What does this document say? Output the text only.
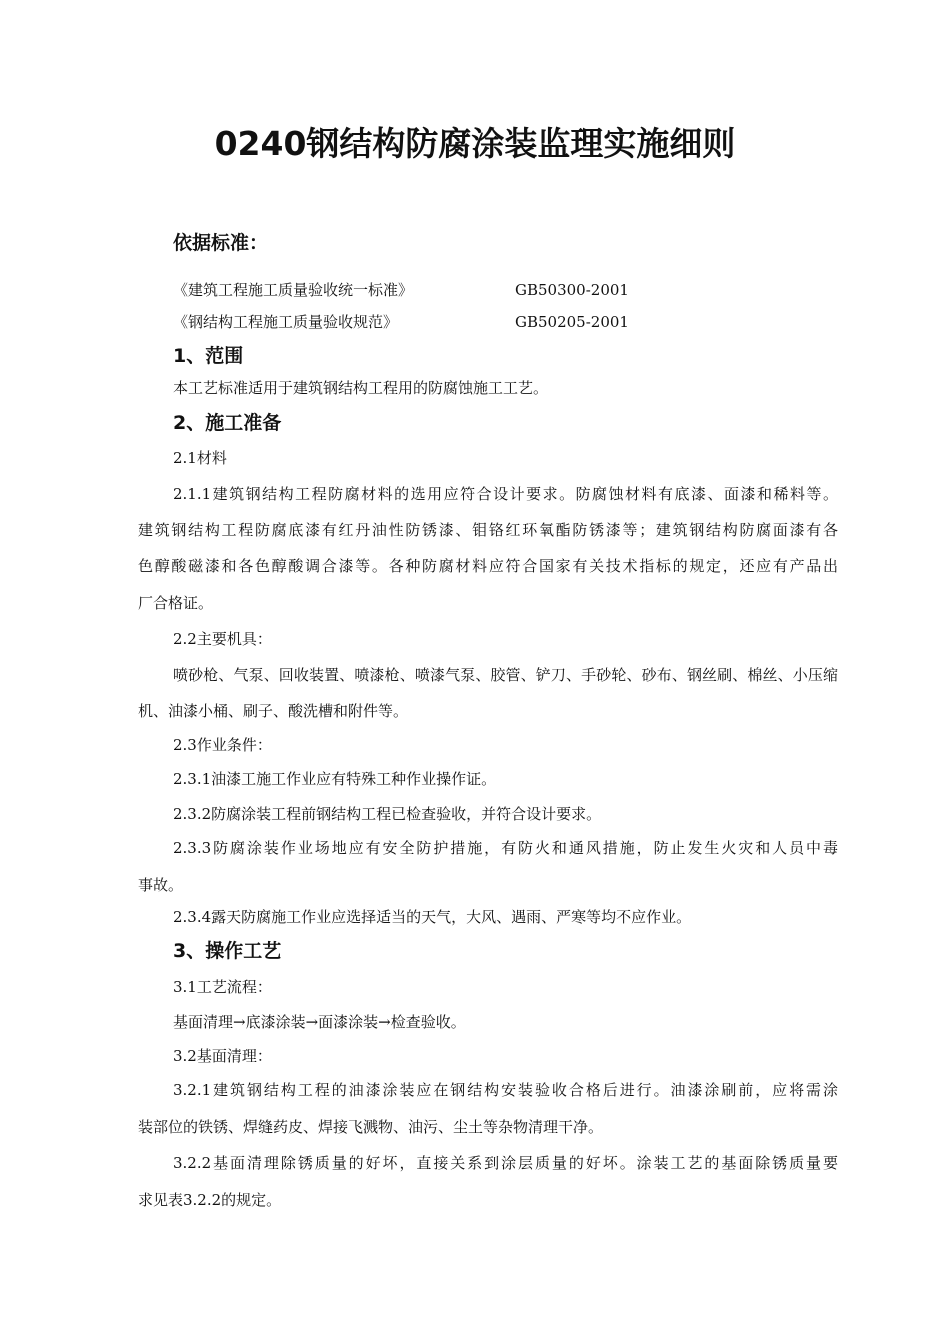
0240钢结构防腐涂装监理实施细则
依据标准：
《建筑工程施工质量验收统一标准》	GB50300-2001
《钢结构工程施工质量验收规范》	GB50205-2001
1、范围
本工艺标准适用于建筑钢结构工程用的防腐蚀施工工艺。
2、施工准备
2.1材料
2.1.1建筑钢结构工程防腐材料的选用应符合设计要求。防腐蚀材料有底漆、面漆和稀料等。
建筑钢结构工程防腐底漆有红丹油性防锈漆、钼铬红环氧酯防锈漆等；建筑钢结构防腐面漆有各
色醇酸磁漆和各色醇酸调合漆等。各种防腐材料应符合国家有关技术指标的规定，还应有产品出
厂合格证。
2.2主要机具：
喷砂枪、气泵、回收装置、喷漆枪、喷漆气泵、胶管、铲刀、手砂轮、砂布、钢丝刷、棉丝、小压缩
机、油漆小桶、刷子、酸洗槽和附件等。
2.3作业条件：
2.3.1油漆工施工作业应有特殊工种作业操作证。
2.3.2防腐涂装工程前钢结构工程已检查验收，并符合设计要求。
2.3.3防腐涂装作业场地应有安全防护措施，有防火和通风措施，防止发生火灾和人员中毒
事故。
2.3.4露天防腐施工作业应选择适当的天气，大风、遇雨、严寒等均不应作业。
3、操作工艺
3.1工艺流程：
基面清理→底漆涂装→面漆涂装→检查验收。
3.2基面清理：
3.2.1建筑钢结构工程的油漆涂装应在钢结构安装验收合格后进行。油漆涂刷前，应将需涂
装部位的铁锈、焊缝药皮、焊接飞溅物、油污、尘土等杂物清理干净。
3.2.2基面清理除锈质量的好坏，直接关系到涂层质量的好坏。涂装工艺的基面除锈质量要
求见表3.2.2的规定。
